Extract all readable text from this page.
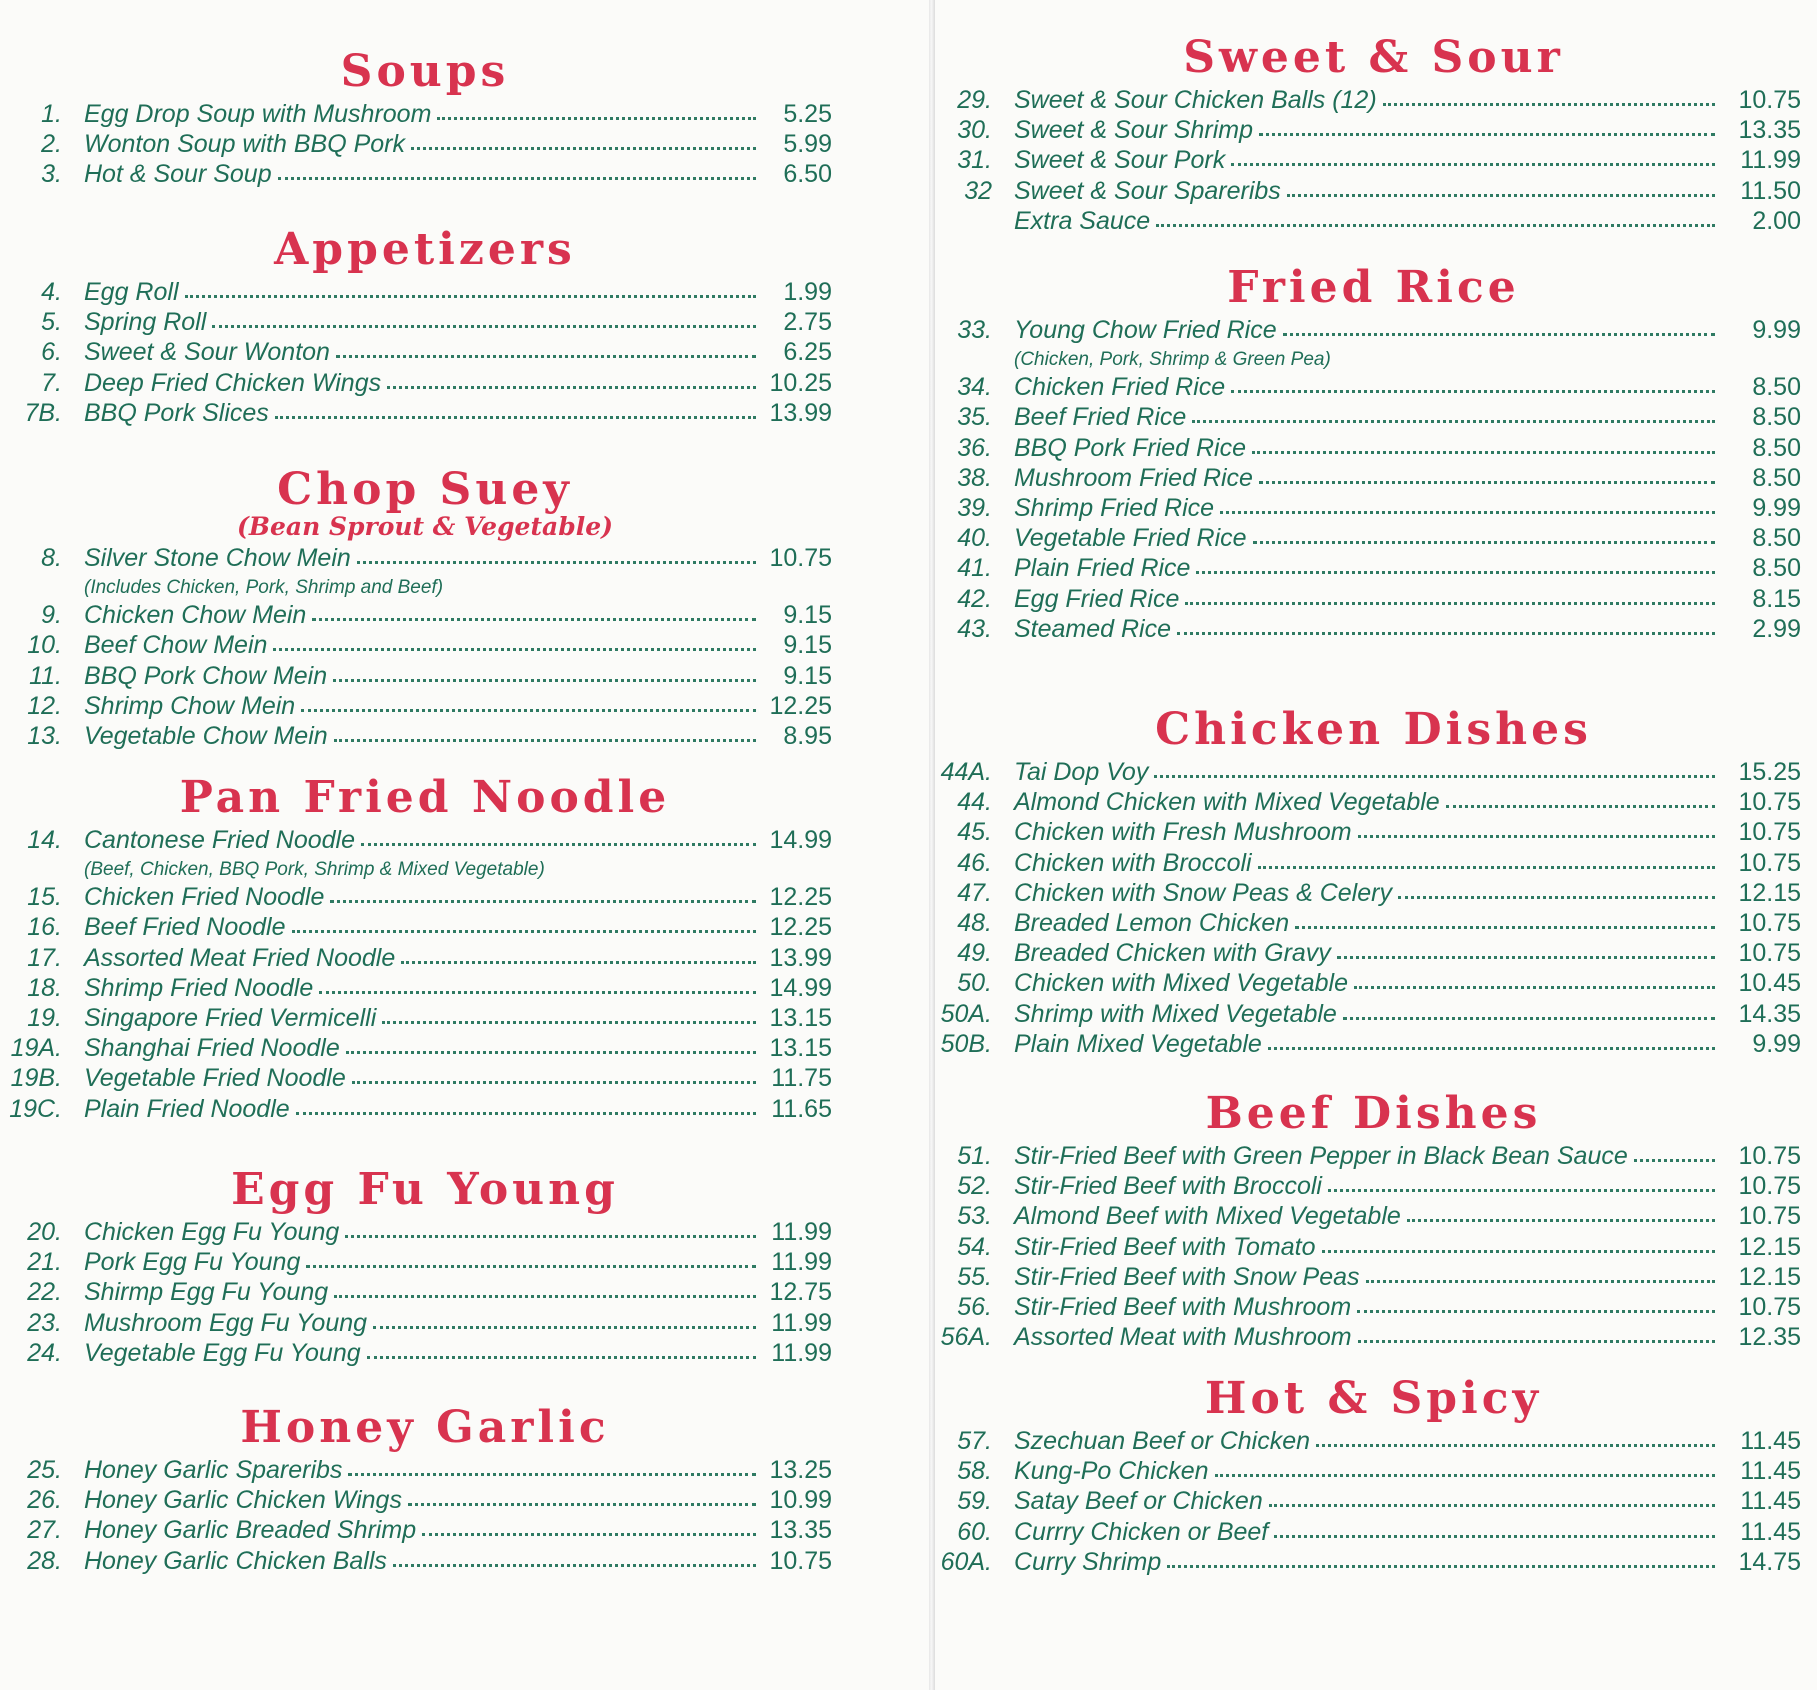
Soups
1. Egg Drop Soup with Mushroom	5.25
2. Wonton Soup with BBQ Pork	5.99
3. Hot & Sour Soup	6.50
Appetizers
4. Egg Roll	1.99
5. Spring Roll	2.75
6. Sweet & Sour Wonton	6.25
7. Deep Fried Chicken Wings	10.25
7B. BBQ Pork Slices	13.99
Chop Suey
(Bean Sprout & Vegetable)
8. Silver Stone Chow Mein	10.75
(Includes Chicken, Pork, Shrimp and Beef)
9. Chicken Chow Mein	9.15
10. Beef Chow Mein	9.15
11. BBQ Pork Chow Mein	9.15
12. Shrimp Chow Mein	12.25
13. Vegetable Chow Mein	8.95
Pan Fried Noodle
14. Cantonese Fried Noodle	14.99
(Beef, Chicken, BBQ Pork, Shrimp & Mixed Vegetable)
15. Chicken Fried Noodle	12.25
16. Beef Fried Noodle	12.25
17. Assorted Meat Fried Noodle	13.99
18. Shrimp Fried Noodle	14.99
19. Singapore Fried Vermicelli	13.15
19A. Shanghai Fried Noodle	13.15
19B. Vegetable Fried Noodle	11.75
19C. Plain Fried Noodle	11.65
Egg Fu Young
20. Chicken Egg Fu Young	11.99
21. Pork Egg Fu Young	11.99
22. Shirmp Egg Fu Young	12.75
23. Mushroom Egg Fu Young	11.99
24. Vegetable Egg Fu Young	11.99
Honey Garlic
25. Honey Garlic Spareribs	13.25
26. Honey Garlic Chicken Wings	10.99
27. Honey Garlic Breaded Shrimp	13.35
28. Honey Garlic Chicken Balls	10.75
Sweet & Sour
29. Sweet & Sour Chicken Balls (12)	10.75
30. Sweet & Sour Shrimp	13.35
31. Sweet & Sour Pork	11.99
32 Sweet & Sour Spareribs	11.50
Extra Sauce	2.00
Fried Rice
33. Young Chow Fried Rice	9.99
(Chicken, Pork, Shrimp & Green Pea)
34. Chicken Fried Rice	8.50
35. Beef Fried Rice	8.50
36. BBQ Pork Fried Rice	8.50
38. Mushroom Fried Rice	8.50
39. Shrimp Fried Rice	9.99
40. Vegetable Fried Rice	8.50
41. Plain Fried Rice	8.50
42. Egg Fried Rice	8.15
43. Steamed Rice	2.99
Chicken Dishes
44A. Tai Dop Voy	15.25
44. Almond Chicken with Mixed Vegetable	10.75
45. Chicken with Fresh Mushroom	10.75
46. Chicken with Broccoli	10.75
47. Chicken with Snow Peas & Celery	12.15
48. Breaded Lemon Chicken	10.75
49. Breaded Chicken with Gravy	10.75
50. Chicken with Mixed Vegetable	10.45
50A. Shrimp with Mixed Vegetable	14.35
50B. Plain Mixed Vegetable	9.99
Beef Dishes
51. Stir-Fried Beef with Green Pepper in Black Bean Sauce	10.75
52. Stir-Fried Beef with Broccoli	10.75
53. Almond Beef with Mixed Vegetable	10.75
54. Stir-Fried Beef with Tomato	12.15
55. Stir-Fried Beef with Snow Peas	12.15
56. Stir-Fried Beef with Mushroom	10.75
56A. Assorted Meat with Mushroom	12.35
Hot & Spicy
57. Szechuan Beef or Chicken	11.45
58. Kung-Po Chicken	11.45
59. Satay Beef or Chicken	11.45
60. Currry Chicken or Beef	11.45
60A. Curry Shrimp	14.75
